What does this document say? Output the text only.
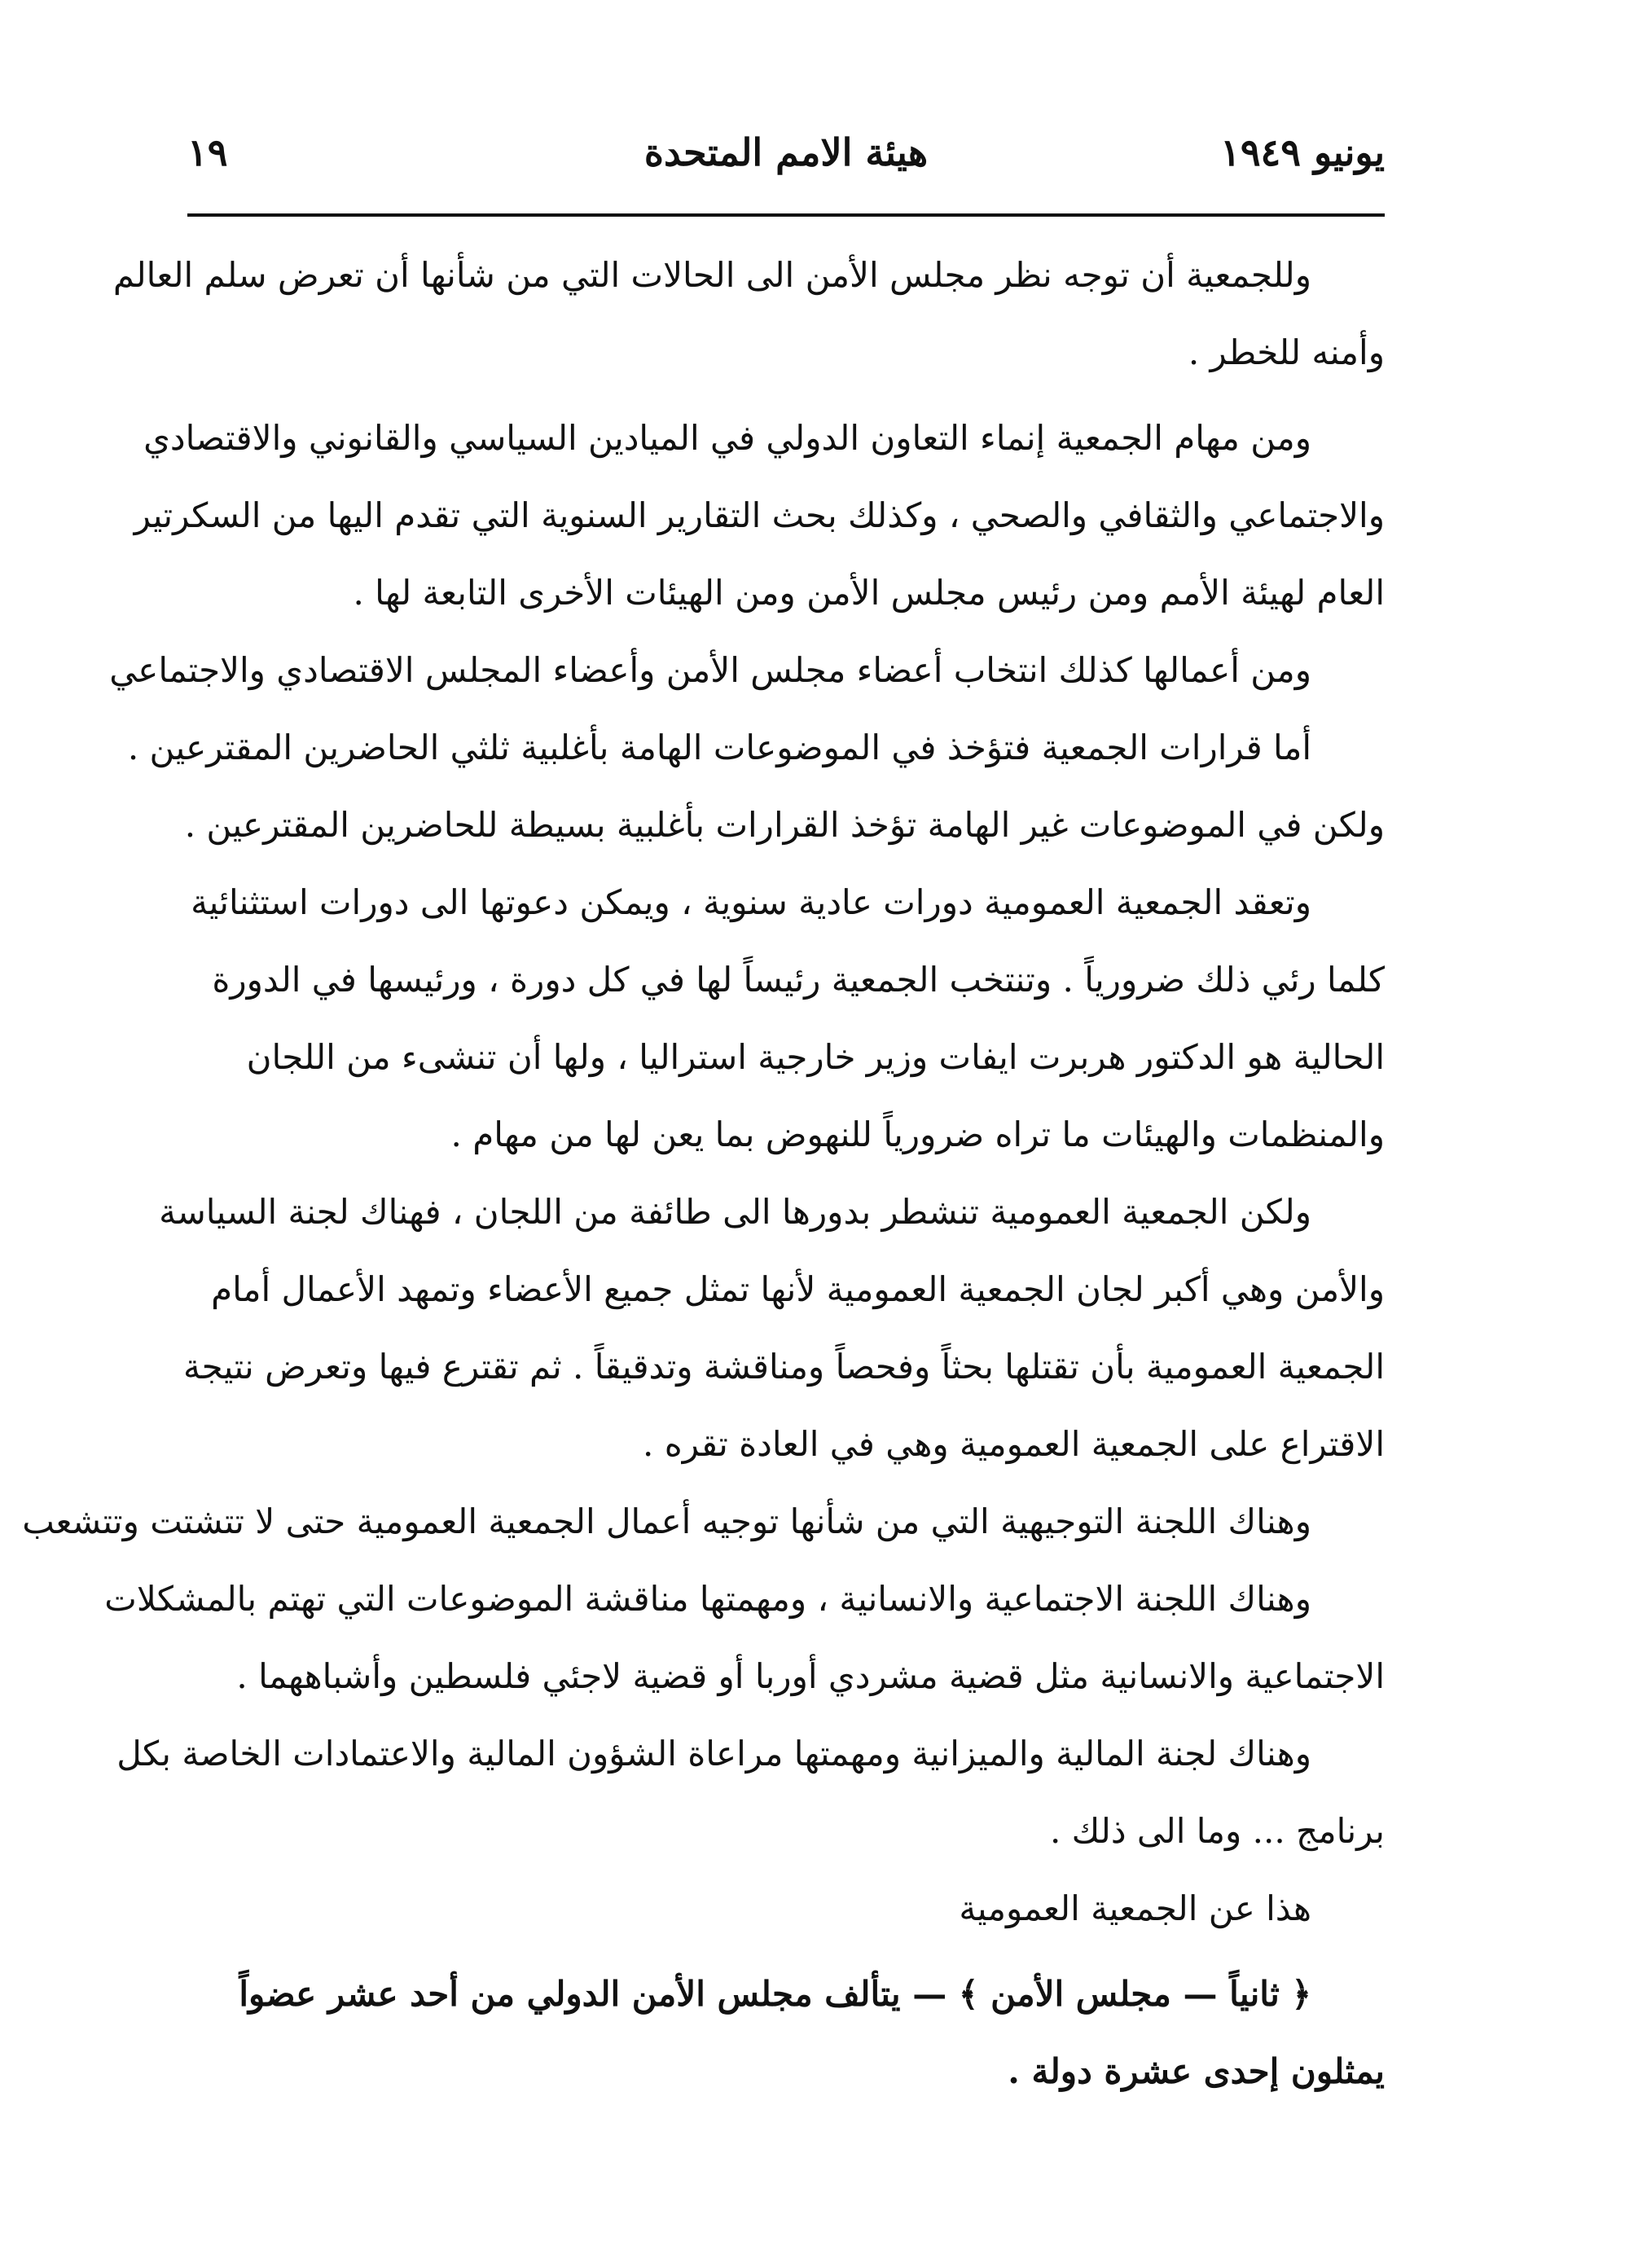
يونيو ١٩٤٩
هيئة الامم المتحدة
١٩
وللجمعية أن توجه نظر مجلس الأمن الى الحالات التي من شأنها أن تعرض سلم العالم
وأمنه للخطر .
ومن مهام الجمعية إنماء التعاون الدولي في الميادين السياسي والقانوني والاقتصادي
والاجتماعي والثقافي والصحي ، وكذلك بحث التقارير السنوية التي تقدم اليها من السكرتير
العام لهيئة الأمم ومن رئيس مجلس الأمن ومن الهيئات الأخرى التابعة لها .
ومن أعمالها كذلك انتخاب أعضاء مجلس الأمن وأعضاء المجلس الاقتصادي والاجتماعي
أما قرارات الجمعية فتؤخذ في الموضوعات الهامة بأغلبية ثلثي الحاضرين المقترعين .
ولكن في الموضوعات غير الهامة تؤخذ القرارات بأغلبية بسيطة للحاضرين المقترعين .
وتعقد الجمعية العمومية دورات عادية سنوية ، ويمكن دعوتها الى دورات استثنائية
كلما رئي ذلك ضرورياً . وتنتخب الجمعية رئيساً لها في كل دورة ، ورئيسها في الدورة
الحالية هو الدكتور هربرت ايفات وزير خارجية استراليا ، ولها أن تنشىء من اللجان
والمنظمات والهيئات ما تراه ضرورياً للنهوض بما يعن لها من مهام .
ولكن الجمعية العمومية تنشطر بدورها الى طائفة من اللجان ، فهناك لجنة السياسة
والأمن وهي أكبر لجان الجمعية العمومية لأنها تمثل جميع الأعضاء وتمهد الأعمال أمام
الجمعية العمومية بأن تقتلها بحثاً وفحصاً ومناقشة وتدقيقاً . ثم تقترع فيها وتعرض نتيجة
الاقتراع على الجمعية العمومية وهي في العادة تقره .
وهناك اللجنة التوجيهية التي من شأنها توجيه أعمال الجمعية العمومية حتى لا تتشتت وتتشعب
وهناك اللجنة الاجتماعية والانسانية ، ومهمتها مناقشة الموضوعات التي تهتم بالمشكلات
الاجتماعية والانسانية مثل قضية مشردي أوربا أو قضية لاجئي فلسطين وأشباههما .
وهناك لجنة المالية والميزانية ومهمتها مراعاة الشؤون المالية والاعتمادات الخاصة بكل
برنامج ... وما الى ذلك .
هذا عن الجمعية العمومية
﴿ ثانياً — مجلس الأمن ﴾ — يتألف مجلس الأمن الدولي من أحد عشر عضواً
يمثلون إحدى عشرة دولة .
